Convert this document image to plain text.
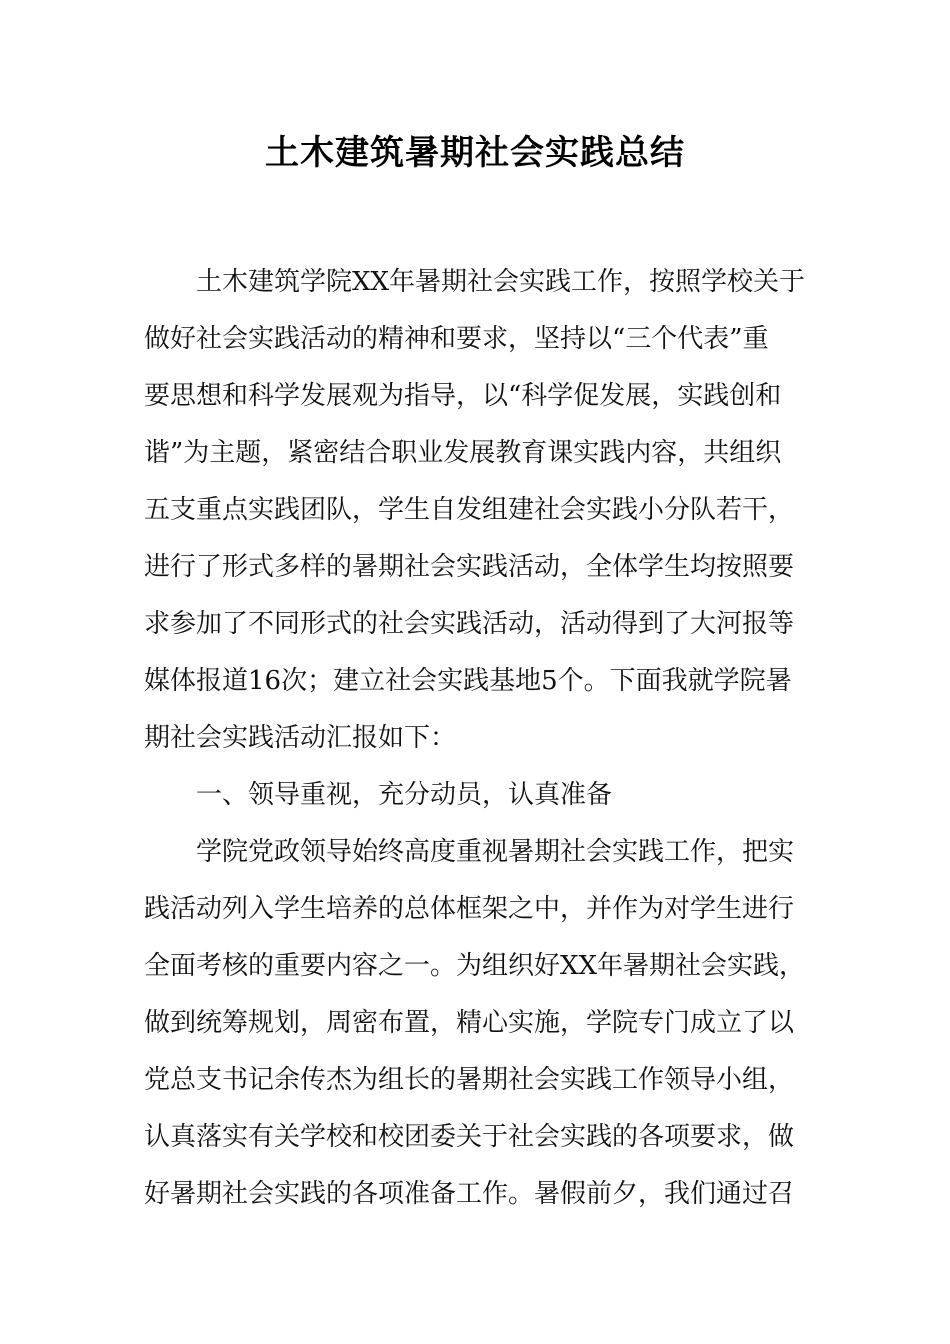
土木建筑暑期社会实践总结
土木建筑学院XX年暑期社会实践工作，按照学校关于
做好社会实践活动的精神和要求，坚持以“三个代表”重
要思想和科学发展观为指导，以“科学促发展，实践创和
谐”为主题，紧密结合职业发展教育课实践内容，共组织
五支重点实践团队，学生自发组建社会实践小分队若干，
进行了形式多样的暑期社会实践活动，全体学生均按照要
求参加了不同形式的社会实践活动，活动得到了大河报等
媒体报道16次；建立社会实践基地5个。下面我就学院暑
期社会实践活动汇报如下：
一、领导重视，充分动员，认真准备
学院党政领导始终高度重视暑期社会实践工作，把实
践活动列入学生培养的总体框架之中，并作为对学生进行
全面考核的重要内容之一。为组织好XX年暑期社会实践，
做到统筹规划，周密布置，精心实施，学院专门成立了以
党总支书记余传杰为组长的暑期社会实践工作领导小组，
认真落实有关学校和校团委关于社会实践的各项要求，做
好暑期社会实践的各项准备工作。暑假前夕，我们通过召
